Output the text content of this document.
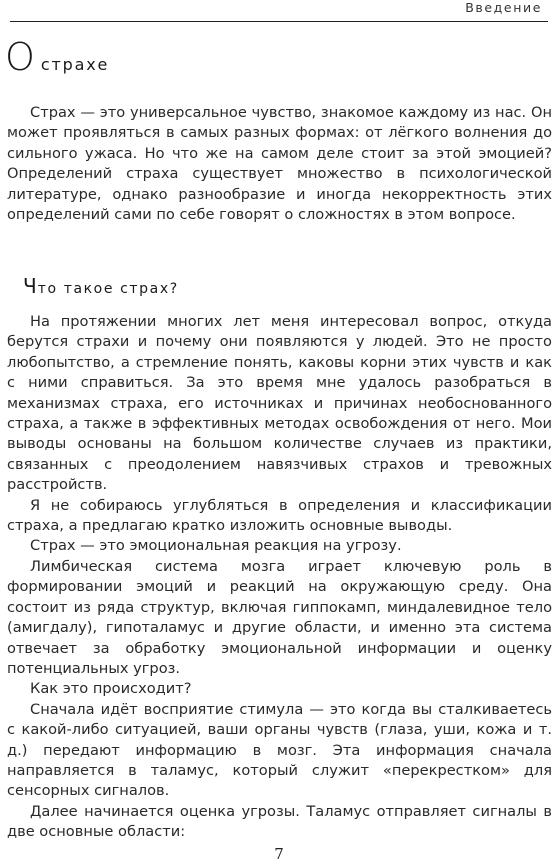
Введение
Острахе

Страх — это универсальное чувство, знакомое каждому из нас. Он может проявляться в самых разных формах: от лёгкого волнения до сильного ужаса. Но что же на самом деле стоит за этой эмоцией? Определений страха существует множество в психологической литературе, однако разнообразие и иногда некорректность этих определений сами по себе говорят о сложностях в этом вопросе.

Что такое страх?

На протяжении многих лет меня интересовал вопрос, откуда берутся страхи и почему они появляются у людей. Это не просто любопытство, а стремление понять, каковы корни этих чувств и как с ними справиться. За это время мне удалось разобраться в механизмах страха, его источниках и причинах необоснованного страха, а также в эффективных методах освобождения от него. Мои выводы основаны на большом количестве случаев из практики, связанных с преодолением навязчивых страхов и тревожных расстройств.

Я не собираюсь углубляться в определения и классификации страха, а предлагаю кратко изложить основные выводы.

Страх — это эмоциональная реакция на угрозу.

Лимбическая система мозга играет ключевую роль в формировании эмоций и реакций на окружающую среду. Она состоит из ряда структур, включая гиппокамп, миндалевидное тело (амигдалу), гипоталамус и другие области, и именно эта система отвечает за обработку эмоциональной информации и оценку потенциальных угроз.

Как это происходит?

Сначала идёт восприятие стимула — это когда вы сталкиваетесь с какой-либо ситуацией, ваши органы чувств (глаза, уши, кожа и т. д.) передают информацию в мозг. Эта информация сначала направляется в таламус, который служит «перекрестком» для сенсорных сигналов.

Далее начинается оценка угрозы. Таламус отправляет сигналы в две основные области:

7
